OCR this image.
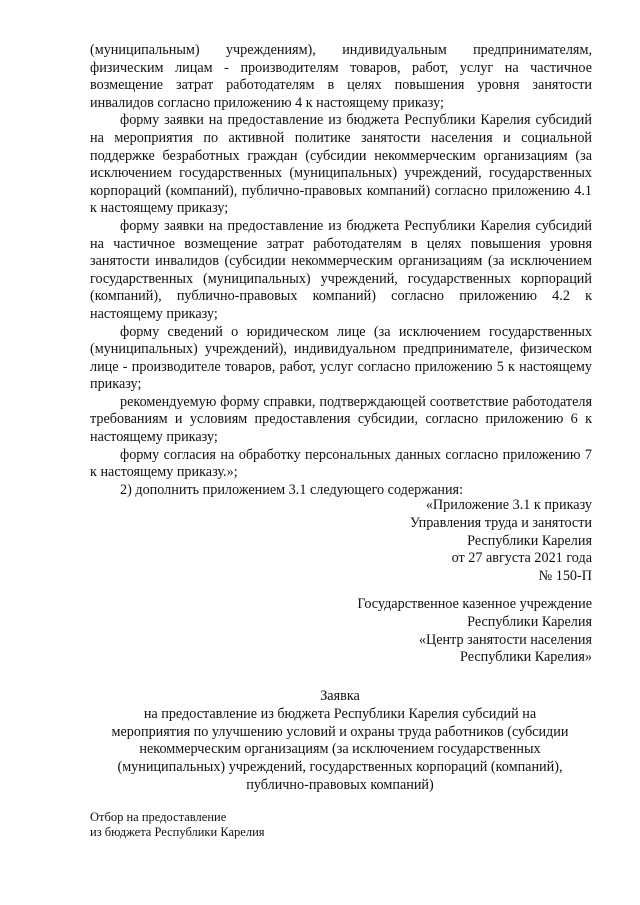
(муниципальным) учреждениям), индивидуальным предпринимателям, физическим лицам - производителям товаров, работ, услуг на частичное возмещение затрат работодателям в целях повышения уровня занятости инвалидов согласно приложению 4 к настоящему приказу;

форму заявки на предоставление из бюджета Республики Карелия субсидий на мероприятия по активной политике занятости населения и социальной поддержке безработных граждан (субсидии некоммерческим организациям (за исключением государственных (муниципальных) учреждений, государственных корпораций (компаний), публично-правовых компаний) согласно приложению 4.1 к настоящему приказу;

форму заявки на предоставление из бюджета Республики Карелия субсидий на частичное возмещение затрат работодателям в целях повышения уровня занятости инвалидов (субсидии некоммерческим организациям (за исключением государственных (муниципальных) учреждений, государственных корпораций (компаний), публично-правовых компаний) согласно приложению 4.2 к настоящему приказу;

форму сведений о юридическом лице (за исключением государственных (муниципальных) учреждений), индивидуальном предпринимателе, физическом лице - производителе товаров, работ, услуг согласно приложению 5 к настоящему приказу;

рекомендуемую форму справки, подтверждающей соответствие работодателя требованиям и условиям предоставления субсидии, согласно приложению 6 к настоящему приказу;

форму согласия на обработку персональных данных согласно приложению 7 к настоящему приказу.»;

2) дополнить приложением 3.1 следующего содержания:

«Приложение 3.1 к приказу
Управления труда и занятости
Республики Карелия
от 27 августа 2021 года
№ 150-П
Государственное казенное учреждение
Республики Карелия
«Центр занятости населения
Республики Карелия»
Заявка
на предоставление из бюджета Республики Карелия субсидий на
мероприятия по улучшению условий и охраны труда работников (субсидии
некоммерческим организациям (за исключением государственных
(муниципальных) учреждений, государственных корпораций (компаний),
публично-правовых компаний)
Отбор на предоставление
из бюджета Республики Карелия
